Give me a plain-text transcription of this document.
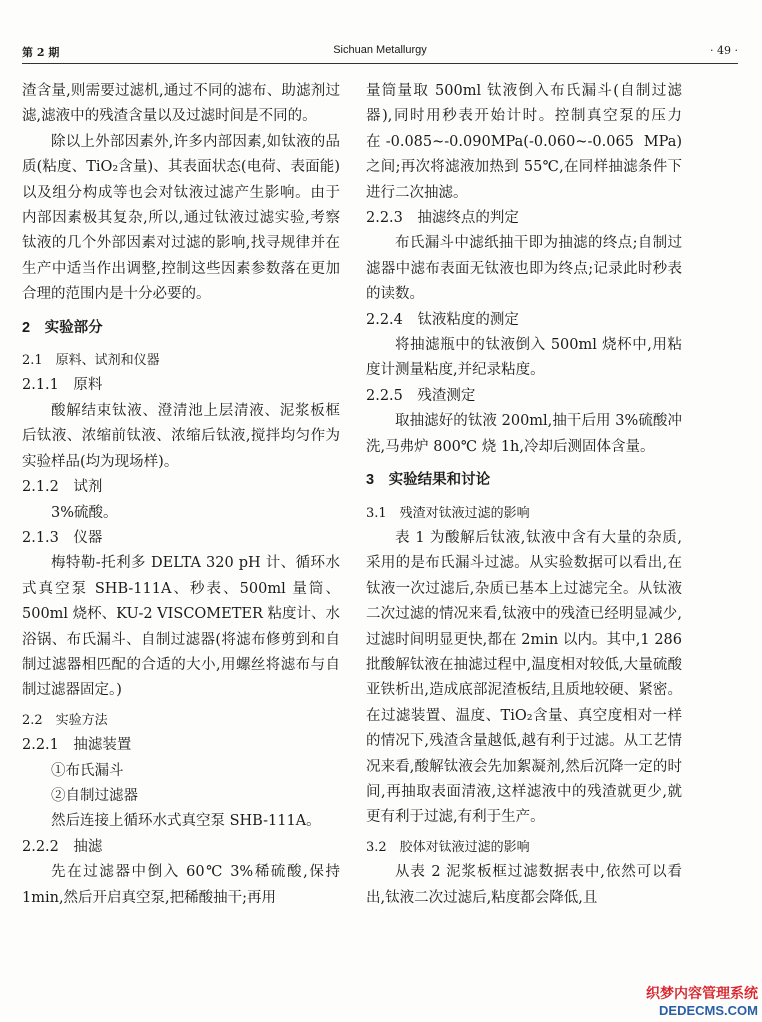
第 2 期	Sichuan Metallurgy	· 49 ·
渣含量,则需要过滤机,通过不同的滤布、助滤剂过滤,滤液中的残渣含量以及过滤时间是不同的。
除以上外部因素外,许多内部因素,如钛液的品质(粘度、TiO₂含量)、其表面状态(电荷、表面能)以及组分构成等也会对钛液过滤产生影响。由于内部因素极其复杂,所以,通过钛液过滤实验,考察钛液的几个外部因素对过滤的影响,找寻规律并在生产中适当作出调整,控制这些因素参数落在更加合理的范围内是十分必要的。
2　实验部分
2.1　原料、试剂和仪器
2.1.1　原料
酸解结束钛液、澄清池上层清液、泥浆板框后钛液、浓缩前钛液、浓缩后钛液,搅拌均匀作为实验样品(均为现场样)。
2.1.2　试剂
3%硫酸。
2.1.3　仪器
梅特勒-托利多 DELTA 320 pH 计、循环水式真空泵 SHB-111A、秒表、500ml 量筒、500ml 烧杯、KU-2 VISCOMETER 粘度计、水浴锅、布氏漏斗、自制过滤器(将滤布修剪到和自制过滤器相匹配的合适的大小,用螺丝将滤布与自制过滤器固定。)
2.2　实验方法
2.2.1　抽滤装置
①布氏漏斗
②自制过滤器
然后连接上循环水式真空泵 SHB-111A。
2.2.2　抽滤
先在过滤器中倒入 60℃ 3%稀硫酸,保持 1min,然后开启真空泵,把稀酸抽干;再用
量筒量取 500ml 钛液倒入布氏漏斗(自制过滤器),同时用秒表开始计时。控制真空泵的压力在-0.085~-0.090MPa(-0.060~-0.065 MPa)之间;再次将滤液加热到 55℃,在同样抽滤条件下进行二次抽滤。
2.2.3　抽滤终点的判定
布氏漏斗中滤纸抽干即为抽滤的终点;自制过滤器中滤布表面无钛液也即为终点;记录此时秒表的读数。
2.2.4　钛液粘度的测定
将抽滤瓶中的钛液倒入 500ml 烧杯中,用粘度计测量粘度,并纪录粘度。
2.2.5　残渣测定
取抽滤好的钛液 200ml,抽干后用 3%硫酸冲洗,马弗炉 800℃ 烧 1h,冷却后测固体含量。
3　实验结果和讨论
3.1　残渣对钛液过滤的影响
表 1 为酸解后钛液,钛液中含有大量的杂质,采用的是布氏漏斗过滤。从实验数据可以看出,在钛液一次过滤后,杂质已基本上过滤完全。从钛液二次过滤的情况来看,钛液中的残渣已经明显减少,过滤时间明显更快,都在 2min 以内。其中,1 286 批酸解钛液在抽滤过程中,温度相对较低,大量硫酸亚铁析出,造成底部泥渣板结,且质地较硬、紧密。在过滤装置、温度、TiO₂含量、真空度相对一样的情况下,残渣含量越低,越有利于过滤。从工艺情况来看,酸解钛液会先加絮凝剂,然后沉降一定的时间,再抽取表面清液,这样滤液中的残渣就更少,就更有利于过滤,有利于生产。
3.2　胶体对钛液过滤的影响
从表 2 泥浆板框过滤数据表中,依然可以看出,钛液二次过滤后,粘度都会降低,且
织梦内容管理系统
DEDECMS.COM
